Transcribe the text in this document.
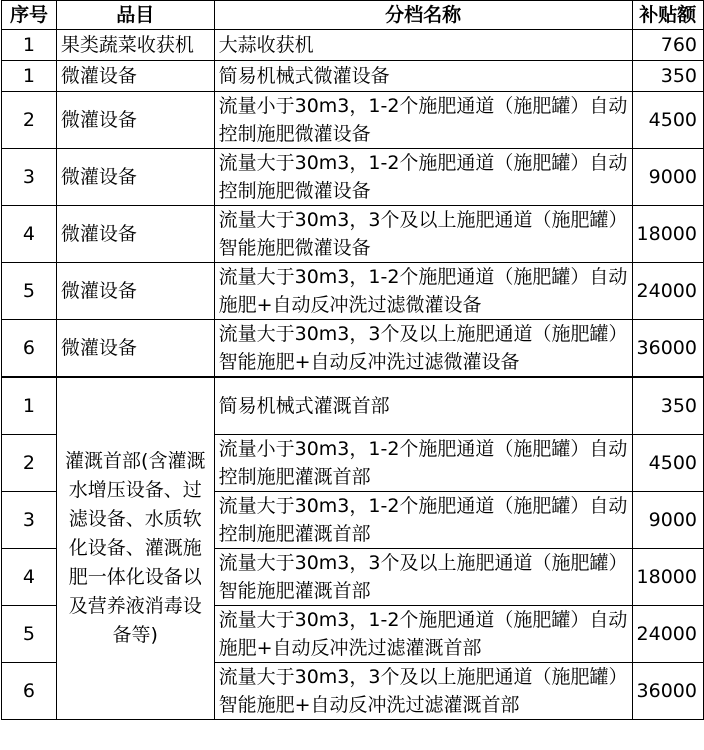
序号	品目	分档名称	补贴额
1	果类蔬菜收获机	大蒜收获机	760
1	微灌设备	简易机械式微灌设备	350
2	微灌设备	流量小于30m3，1-2个施肥通道（施肥罐）自动控制施肥微灌设备	4500
3	微灌设备	流量大于30m3，1-2个施肥通道（施肥罐）自动控制施肥微灌设备	9000
4	微灌设备	流量大于30m3，3个及以上施肥通道（施肥罐）智能施肥微灌设备	18000
5	微灌设备	流量大于30m3，1-2个施肥通道（施肥罐）自动施肥+自动反冲洗过滤微灌设备	24000
6	微灌设备	流量大于30m3，3个及以上施肥通道（施肥罐）智能施肥+自动反冲洗过滤微灌设备	36000
1	灌溉首部(含灌溉水增压设备、过滤设备、水质软化设备、灌溉施肥一体化设备以及营养液消毒设备等)	简易机械式灌溉首部	350
2		流量小于30m3，1-2个施肥通道（施肥罐）自动控制施肥灌溉首部	4500
3		流量大于30m3，1-2个施肥通道（施肥罐）自动控制施肥灌溉首部	9000
4		流量大于30m3，3个及以上施肥通道（施肥罐）智能施肥灌溉首部	18000
5		流量大于30m3，1-2个施肥通道（施肥罐）自动施肥+自动反冲洗过滤灌溉首部	24000
6		流量大于30m3，3个及以上施肥通道（施肥罐）智能施肥+自动反冲洗过滤灌溉首部	36000
